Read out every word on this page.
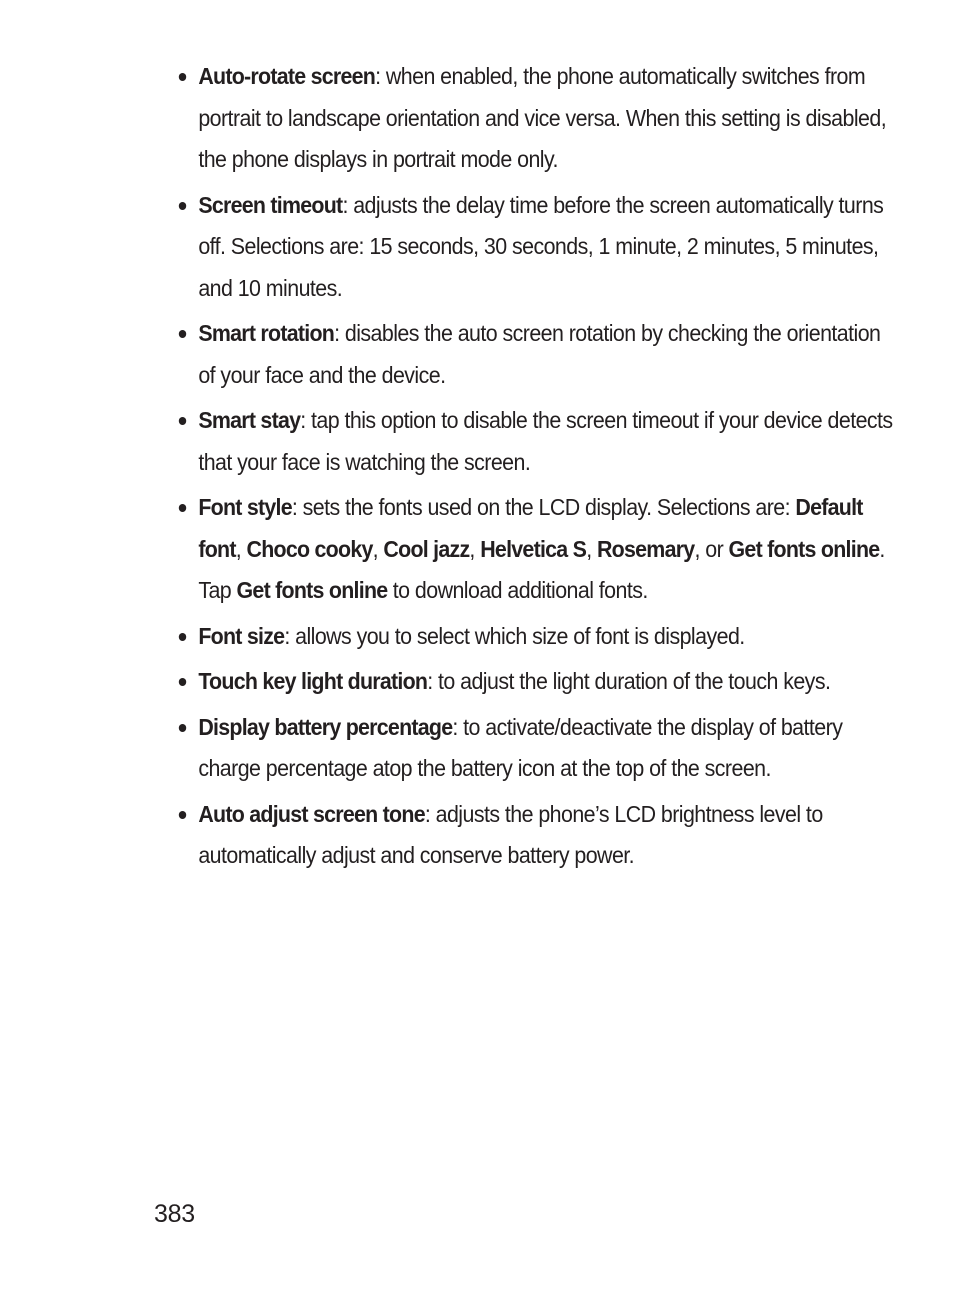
Auto-rotate screen: when enabled, the phone automatically switches from portrait to landscape orientation and vice versa. When this setting is disabled, the phone displays in portrait mode only.
Screen timeout: adjusts the delay time before the screen automatically turns off. Selections are: 15 seconds, 30 seconds, 1 minute, 2 minutes, 5 minutes, and 10 minutes.
Smart rotation: disables the auto screen rotation by checking the orientation of your face and the device.
Smart stay: tap this option to disable the screen timeout if your device detects that your face is watching the screen.
Font style: sets the fonts used on the LCD display. Selections are: Default font, Choco cooky, Cool jazz, Helvetica S, Rosemary, or Get fonts online. Tap Get fonts online to download additional fonts.
Font size: allows you to select which size of font is displayed.
Touch key light duration: to adjust the light duration of the touch keys.
Display battery percentage: to activate/deactivate the display of battery charge percentage atop the battery icon at the top of the screen.
Auto adjust screen tone: adjusts the phone’s LCD brightness level to automatically adjust and conserve battery power.
383
